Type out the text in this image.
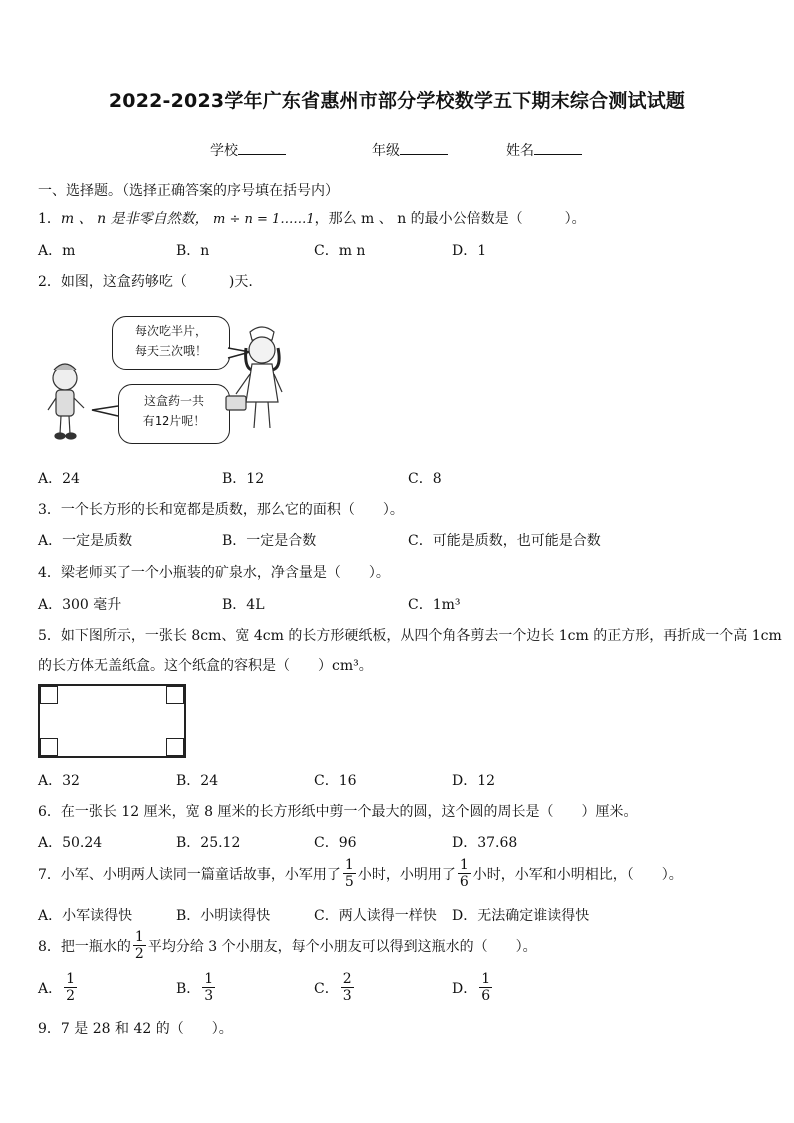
2022-2023学年广东省惠州市部分学校数学五下期末综合测试试题
学校	年级	姓名
一、选择题。（选择正确答案的序号填在括号内）
1．m 、 n 是非零自然数， m ÷ n = 1……1，那么 m 、 n 的最小公倍数是（　　　）。
A．m	B．n	C．m n	D．1
2．如图，这盒药够吃（　　　)天.
每次吃半片，
每天三次哦！
这盒药一共
有12片呢！
A．24	B．12	C．8
3．一个长方形的长和宽都是质数，那么它的面积（　　）。
A．一定是质数	B．一定是合数	C．可能是质数，也可能是合数
4．梁老师买了一个小瓶装的矿泉水，净含量是（　　）。
A．300 毫升	B．4L	C．1m³
5．如下图所示，一张长 8cm、宽 4cm 的长方形硬纸板，从四个角各剪去一个边长 1cm 的正方形，再折成一个高 1cm
的长方体无盖纸盒。这个纸盒的容积是（　　）cm³。
A．32	B．24	C．16	D．12
6．在一张长 12 厘米，宽 8 厘米的长方形纸中剪一个最大的圆，这个圆的周长是（　　）厘米。
A．50.24	B．25.12	C．96	D．37.68
7． 小军、小明两人读同一篇童话故事，小军用了 $\frac{1}{5}$ 小时，小明用了 $\frac{1}{6}$ 小时，小军和小明相比，（　　）。
A．小军读得快	B．小明读得快	C．两人读得一样快 D．无法确定谁读得快
8． 把一瓶水的 $\frac{1}{2}$ 平均分给 3 个小朋友，每个小朋友可以得到这瓶水的（　　）。
A． $\frac{1}{2}$	B． $\frac{1}{3}$	C． $\frac{2}{3}$	D． $\frac{1}{6}$
9．7 是 28 和 42 的（　　）。
